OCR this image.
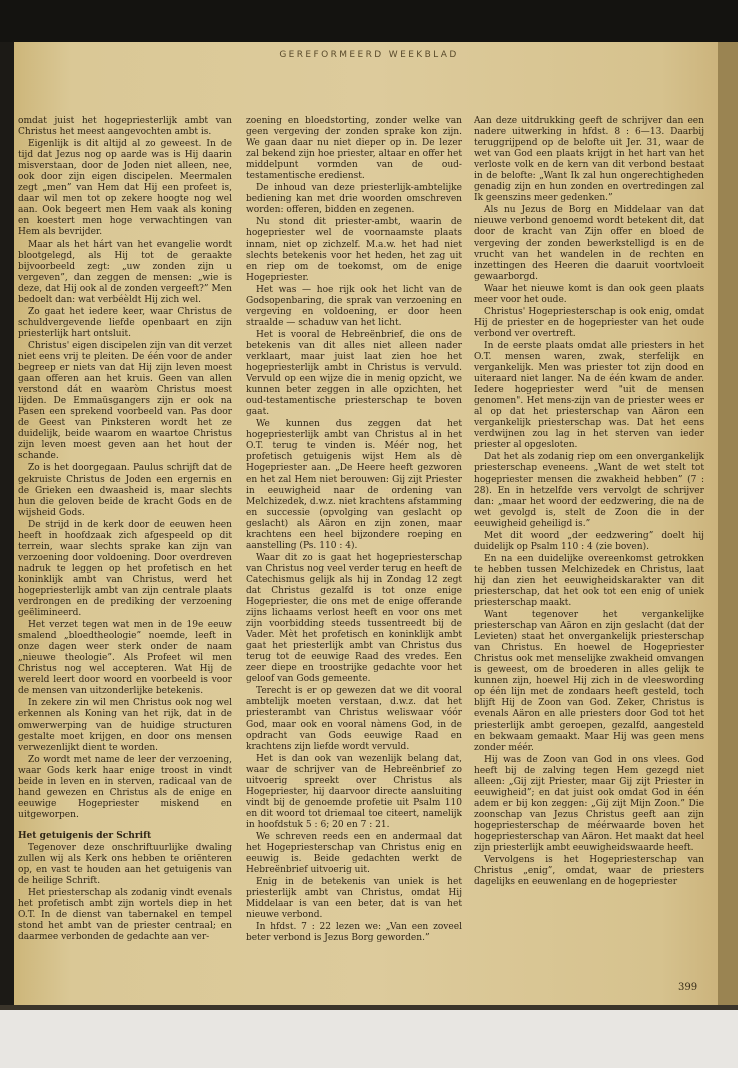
GEREFORMEERD WEEKBLAD

omdat juist het hogepriesterlijk ambt van Christus het meest aangevochten ambt is.

Eigenlijk is dit altijd al zo geweest. In de tijd dat Jezus nog op aarde was is Hij daarin misverstaan, door de Joden niet alleen, nee, ook door zijn eigen discipelen. Meermalen zegt „men” van Hem dat Hij een profeet is, daar wil men tot op zekere hoogte nog wel aan. Ook begeert men Hem vaak als koning en koestert men hoge verwachtingen van Hem als bevrijder.

Maar als het hárt van het evangelie wordt blootgelegd, als Hij tot de geraakte bijvoorbeeld zegt: „uw zonden zijn u vergeven”, dan zeggen de mensen: „wie is deze, dat Hij ook al de zonden vergeeft?” Men bedoelt dan: wat verbéèldt Hij zich wel.

Zo gaat het iedere keer, waar Christus de schuldvergevende liefde openbaart en zijn priesterlijk hart ontsluit.

Christus' eigen discipelen zijn van dit verzet niet eens vrij te pleiten. De één voor de ander begreep er niets van dat Hij zijn leven moest gaan offeren aan het kruis. Geen van allen verstond dát en waaròm Christus moest lijden. De Emmaüsgangers zijn er ook na Pasen een sprekend voorbeeld van. Pas door de Geest van Pinksteren wordt het ze duidelijk, beide waarom en waartoe Christus zijn leven moest geven aan het hout der schande.

Zo is het doorgegaan. Paulus schrijft dat de gekruiste Christus de Joden een ergernis en de Grieken een dwaasheid is, maar slechts hun die geloven beide de kracht Gods en de wijsheid Gods.

De strijd in de kerk door de eeuwen heen heeft in hoofdzaak zich afgespeeld op dit terrein, waar slechts sprake kan zijn van verzoening door voldoening. Door overdreven nadruk te leggen op het profetisch en het koninklijk ambt van Christus, werd het hogepriesterlijk ambt van zijn centrale plaats verdrongen en de prediking der verzoening geëlimineerd.

Het verzet tegen wat men in de 19e eeuw smalend „bloedtheologie” noemde, leeft in onze dagen weer sterk onder de naam „nieuwe theologie”. Als Profeet wil men Christus nog wel accepteren. Wat Hij de wereld leert door woord en voorbeeld is voor de mensen van uitzonderlijke betekenis.

In zekere zin wil men Christus ook nog wel erkennen als Koning van het rijk, dat in de omwerwerping van de huidige structuren gestalte moet krijgen, en door ons mensen verwezenlijkt dient te worden.

Zo wordt met name de leer der verzoening, waar Gods kerk haar enige troost in vindt beide in leven en in sterven, radicaal van de hand gewezen en Christus als de enige en eeuwige Hogepriester miskend en uitgeworpen.

Het getuigenis der Schrift

Tegenover deze onschriftuurlijke dwaling zullen wij als Kerk ons hebben te oriënteren op, en vast te houden aan het getuigenis van de heilige Schrift.

Het priesterschap als zodanig vindt evenals het profetisch ambt zijn wortels diep in het O.T. In de dienst van tabernakel en tempel stond het ambt van de priester centraal; en daarmee verbonden de gedachte aan ver-

zoening en bloedstorting, zonder welke van geen vergeving der zonden sprake kon zijn. We gaan daar nu niet dieper op in. De lezer zal bekend zijn hoe priester, altaar en offer het middelpunt vormden van de oud-testamentische eredienst.

De inhoud van deze priesterlijk-ambtelijke bediening kan met drie woorden omschreven worden: offeren, bidden en zegenen.

Nu stond dit priester-ambt, waarin de hogepriester wel de voornaamste plaats innam, niet op zichzelf. M.a.w. het had niet slechts betekenis voor het heden, het zag uit en riep om de toekomst, om de enige Hogepriester.

Het was — hoe rijk ook het licht van de Godsopenbaring, die sprak van verzoening en vergeving en voldoening, er door heen straalde — schaduw van het licht.

Het is vooral de Hebreënbrief, die ons de betekenis van dit alles niet alleen nader verklaart, maar juist laat zien hoe het hogepriesterlijk ambt in Christus is vervuld. Vervuld op een wijze die in menig opzicht, we kunnen beter zeggen in alle opzichten, het oud-testamentische priesterschap te boven gaat.

We kunnen dus zeggen dat het hogepriesterlijk ambt van Christus al in het O.T. terug te vinden is. Méér nog, het profetisch getuigenis wijst Hem als dè Hogepriester aan. „De Heere heeft gezworen en het zal Hem niet berouwen: Gij zijt Priester in eeuwigheid naar de ordening van Melchizedek, d.w.z. niet krachtens afstamming en successie (opvolging van geslacht op geslacht) als Aäron en zijn zonen, maar krachtens een heel bijzondere roeping en aanstelling (Ps. 110 : 4).

Waar dit zo is gaat het hogepriesterschap van Christus nog veel verder terug en heeft de Catechismus gelijk als hij in Zondag 12 zegt dat Christus gezalfd is tot onze enige Hogepriester, die ons met de enige offerande zijns lichaams verlost heeft en voor ons met zijn voorbidding steeds tussentreedt bij de Vader. Mèt het profetisch en koninklijk ambt gaat het priesterlijk ambt van Christus dus terug tot de eeuwige Raad des vredes. Een zeer diepe en troostrijke gedachte voor het geloof van Gods gemeente.

Terecht is er op gewezen dat we dit vooral ambtelijk moeten verstaan, d.w.z. dat het priesterambt van Christus weliswaar vóór God, maar ook en vooral nàmens God, in de opdracht van Gods eeuwige Raad en krachtens zijn liefde wordt vervuld.

Het is dan ook van wezenlijk belang dat, waar de schrijver van de Hebreënbrief zo uitvoerig spreekt over Christus als Hogepriester, hij daarvoor directe aansluiting vindt bij de genoemde profetie uit Psalm 110 en dit woord tot driemaal toe citeert, namelijk in hoofdstuk 5 : 6; 20 en 7 : 21.

We schreven reeds een en andermaal dat het Hogepriesterschap van Christus enig en eeuwig is. Beide gedachten werkt de Hebreënbrief uitvoerig uit.

Enig in de betekenis van uniek is het priesterlijk ambt van Christus, omdat Hij Middelaar is van een beter, dat is van het nieuwe verbond.

In hfdst. 7 : 22 lezen we: „Van een zoveel beter verbond is Jezus Borg geworden.”

Aan deze uitdrukking geeft de schrijver dan een nadere uitwerking in hfdst. 8 : 6—13. Daarbij teruggrijpend op de belofte uit Jer. 31, waar de wet van God een plaats krijgt in het hart van het verloste volk en de kern van dit verbond bestaat in de belofte: „Want Ik zal hun ongerechtigheden genadig zijn en hun zonden en overtredingen zal Ik geenszins meer gedenken.”

Als nu Jezus de Borg en Middelaar van dat nieuwe verbond genoemd wordt betekent dit, dat door de kracht van Zijn offer en bloed de vergeving der zonden bewerkstelligd is en de vrucht van het wandelen in de rechten en inzettingen des Heeren die daaruit voortvloeit gewaarborgd.

Waar het nieuwe komt is dan ook geen plaats meer voor het oude.

Christus' Hogepriesterschap is ook enig, omdat Hij de priester en de hogepriester van het oude verbond ver overtreft.

In de eerste plaats omdat alle priesters in het O.T. mensen waren, zwak, sterfelijk en vergankelijk. Men was priester tot zijn dood en uiteraard niet langer. Na de één kwam de ander. Iedere hogepriester werd "uit de mensen genomen". Het mens-zijn van de priester wees er al op dat het priesterschap van Aäron een vergankelijk priesterschap was. Dat het eens verdwijnen zou lag in het sterven van ieder priester al opgesloten.

Dat het als zodanig riep om een onvergankelijk priesterschap eveneens. „Want de wet stelt tot hogepriester mensen die zwakheid hebben” (7 : 28). En in hetzelfde vers vervolgt de schrijver dan: „maar het woord der eedzwering, die na de wet gevolgd is, stelt de Zoon die in der eeuwigheid geheiligd is.”

Met dit woord „der eedzwering” doelt hij duidelijk op Psalm 110 : 4 (zie boven).

En na een duidelijke overeenkomst getrokken te hebben tussen Melchizedek en Christus, laat hij dan zien het eeuwigheidskarakter van dit priesterschap, dat het ook tot een enig of uniek priesterschap maakt.

Want tegenover het vergankelijke priesterschap van Aäron en zijn geslacht (dat der Levieten) staat het onvergankelijk priesterschap van Christus. En hoewel de Hogepriester Christus ook met menselijke zwakheid omvangen is geweest, om de broederen in alles gelijk te kunnen zijn, hoewel Hij zich in de vleeswording op één lijn met de zondaars heeft gesteld, toch blijft Hij de Zoon van God. Zeker, Christus is evenals Aäron en alle priesters door God tot het priesterlijk ambt geroepen, gezalfd, aangesteld en bekwaam gemaakt. Maar Hij was geen mens zonder méér.

Hij was de Zoon van God in ons vlees. God heeft bij de zalving tegen Hem gezegd niet alleen: „Gij zijt Priester, maar Gij zijt Priester in eeuwigheid”; en dat juist ook omdat God in één adem er bij kon zeggen: „Gij zijt Mijn Zoon.” Die zoonschap van Jezus Christus geeft aan zijn hogepriesterschap de méérwaarde boven het hogepriesterschap van Aäron. Het maakt dat heel zijn priesterlijk ambt eeuwigheidswaarde heeft.

Vervolgens is het Hogepriesterschap van Christus „enig”, omdat, waar de priesters dagelijks en eeuwenlang en de hogepriester

399
